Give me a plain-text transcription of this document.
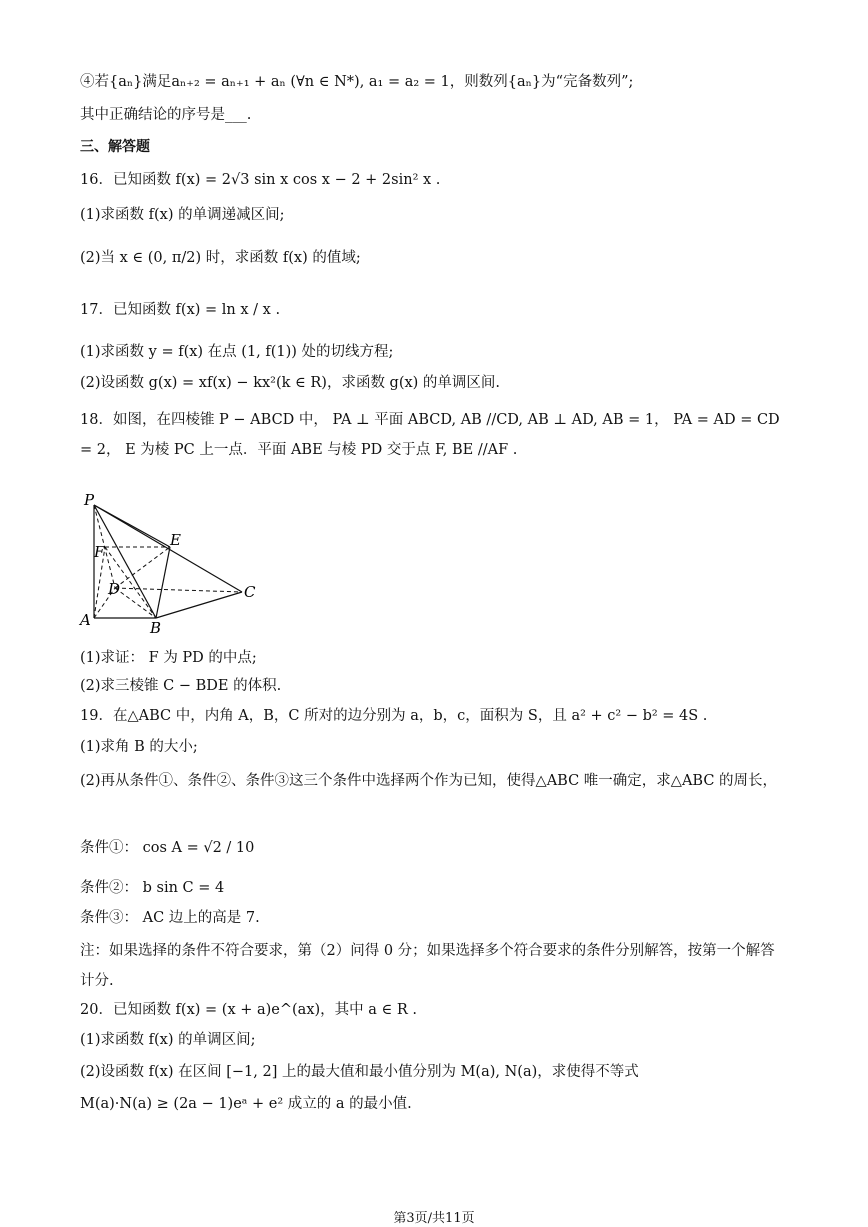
④若{aₙ}满足aₙ₊₂ = aₙ₊₁ + aₙ (∀n ∈ N*), a₁ = a₂ = 1，则数列{aₙ}为“完备数列”;
其中正确结论的序号是___.
三、解答题
16．已知函数 f(x) = 2√3 sin x cos x − 2 + 2sin² x .
(1)求函数 f(x) 的单调递减区间;
(2)当 x ∈ (0, π/2) 时，求函数 f(x) 的值域;
17．已知函数 f(x) = ln x / x .
(1)求函数 y = f(x) 在点 (1, f(1)) 处的切线方程;
(2)设函数 g(x) = xf(x) − kx²(k ∈ R)，求函数 g(x) 的单调区间.
18．如图，在四棱锥 P − ABCD 中， PA ⊥ 平面 ABCD, AB //CD, AB ⊥ AD, AB = 1， PA = AD = CD = 2， E 为棱 PC 上一点．平面 ABE 与棱 PD 交于点 F, BE //AF .
P
F
E
D	C
A	B
(1)求证： F 为 PD 的中点;
(2)求三棱锥 C − BDE 的体积.
19．在△ABC 中，内角 A，B，C 所对的边分别为 a，b，c，面积为 S，且 a² + c² − b² = 4S .
(1)求角 B 的大小;
(2)再从条件①、条件②、条件③这三个条件中选择两个作为已知，使得△ABC 唯一确定，求△ABC 的周长，
条件①： cos A = √2 / 10
条件②： b sin C = 4
条件③： AC 边上的高是 7.
注：如果选择的条件不符合要求，第（2）问得 0 分；如果选择多个符合要求的条件分别解答，按第一个解答计分.
20．已知函数 f(x) = (x + a)e^(ax)，其中 a ∈ R .
(1)求函数 f(x) 的单调区间;
(2)设函数 f(x) 在区间 [−1, 2] 上的最大值和最小值分别为 M(a), N(a)，求使得不等式
M(a)·N(a) ≥ (2a − 1)eᵃ + e² 成立的 a 的最小值.
第3页/共11页
